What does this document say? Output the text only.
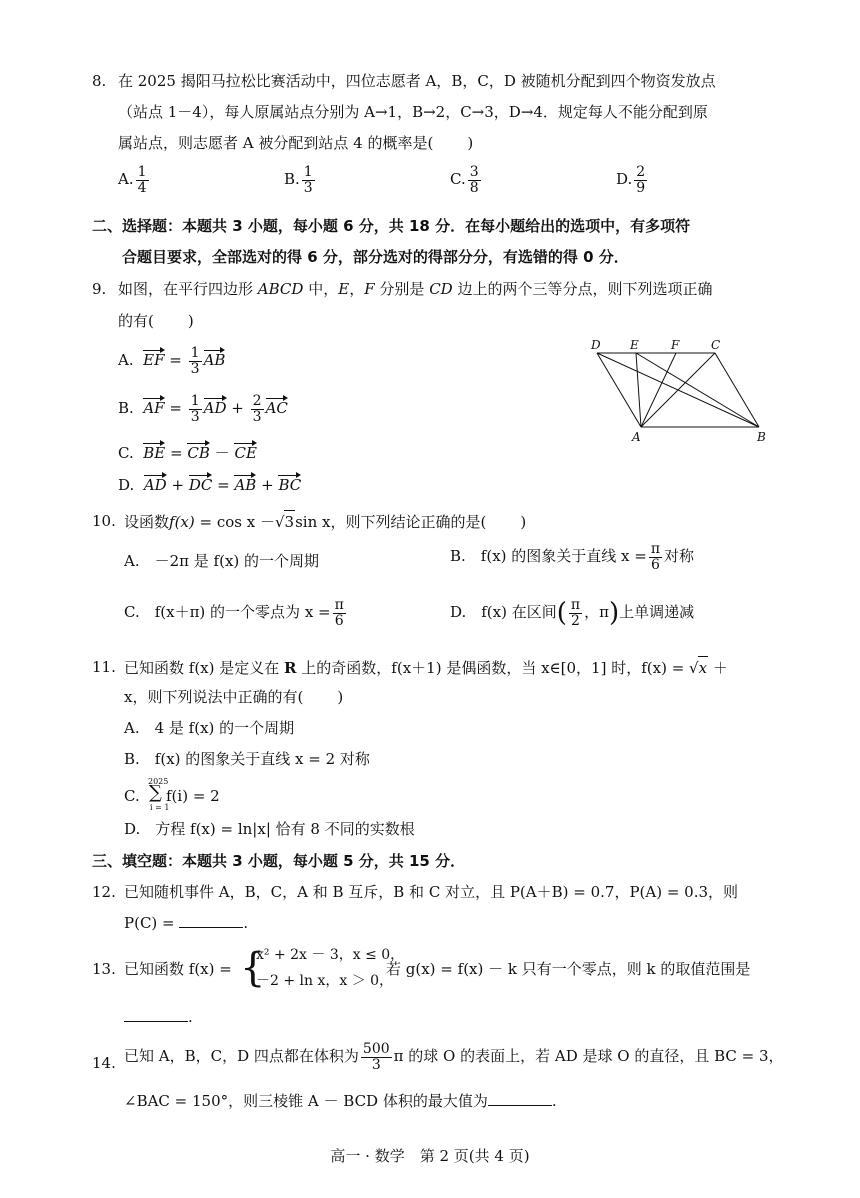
8. 在 2025 揭阳马拉松比赛活动中，四位志愿者 A，B，C，D 被随机分配到四个物资发放点
（站点 1－4），每人原属站点分别为 A→1，B→2，C→3，D→4．规定每人不能分配到原
属站点，则志愿者 A 被分配到站点 4 的概率是( )
A. $\frac{1}{4}$	B. $\frac{1}{3}$	C. $\frac{3}{8}$	D. $\frac{2}{9}$
二、选择题：本题共 3 小题，每小题 6 分，共 18 分．在每小题给出的选项中，有多项符
合题目要求，全部选对的得 6 分，部分选对的得部分分，有选错的得 0 分．
9. 如图，在平行四边形 ABCD 中，E，F 分别是 CD 边上的两个三等分点，则下列选项正确
的有( )
A. EF = $\frac{1}{3}$ AB
B. AF = $\frac{1}{3}$ AD + $\frac{2}{3}$ AC
C. BE = CB － CE
D. AD + DC = AB + BC
D E	F	C
A	B
10. 设函数f(x) = cos x －√3sin x，则下列结论正确的是( )
A.　－2π 是 f(x) 的一个周期	B.　f(x) 的图象关于直线 $x = \frac{\pi}{6}$ 对称
C.　f(x＋π) 的一个零点为 $x = \frac{\pi}{6}$	D.　f(x) 在区间( $\frac{\pi}{2}$ ，π)上单调递减
11. 已知函数 f(x) 是定义在 R 上的奇函数，f(x＋1) 是偶函数，当 x∈[0，1] 时，f(x) = √x ＋
x，则下列说法中正确的有( )
A.　4 是 f(x) 的一个周期
B.　f(x) 的图象关于直线 x = 2 对称
C.
2025
∑
i = 1
f(i) = 2
D.　方程 f(x) = ln|x| 恰有 8 不同的实数根
三、填空题：本题共 3 小题，每小题 5 分，共 15 分．
12. 已知随机事件 A，B，C，A 和 B 互斥，B 和 C 对立，且 P(A＋B) = 0.7，P(A) = 0.3，则
P(C) =	.
13. 已知函数 f(x) = {
x² + 2x － 3，x ≤ 0，
－2 + ln x，x ＞ 0，
若 g(x) = f(x) － k 只有一个零点，则 k 的取值范围是
.
14. 已知 A，B，C，D 四点都在体积为 $\frac{500}{3}$ π 的球 O 的表面上，若 AD 是球 O 的直径，且 BC = 3，
∠BAC = 150°，则三棱锥 A － BCD 体积的最大值为	.
高一 · 数学　第 2 页(共 4 页)
